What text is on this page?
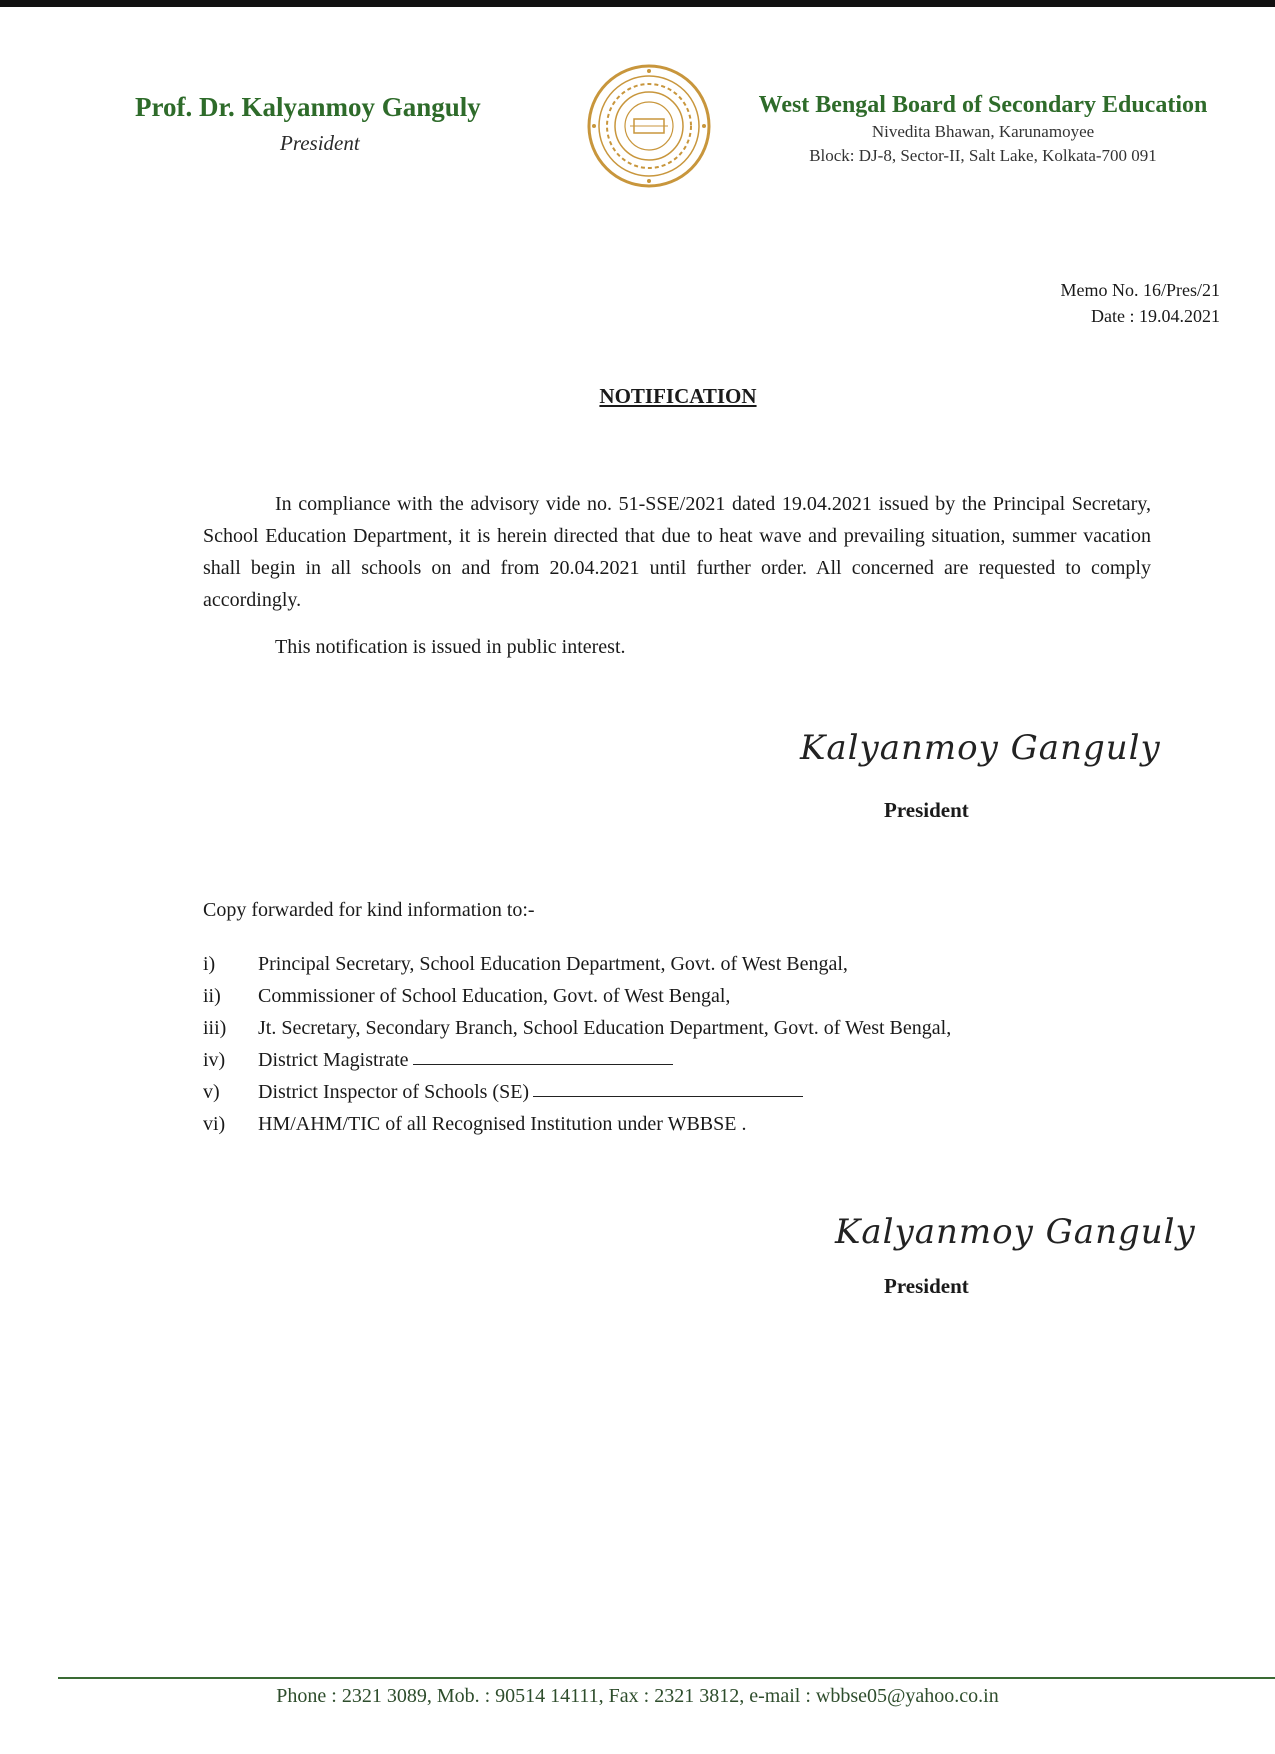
Prof. Dr. Kalyanmoy Ganguly
President
West Bengal Board of Secondary Education
Nivedita Bhawan, Karunamoyee
Block: DJ-8, Sector-II, Salt Lake, Kolkata-700 091
Memo No. 16/Pres/21
Date : 19.04.2021
NOTIFICATION
In compliance with the advisory vide no. 51-SSE/2021 dated 19.04.2021 issued by the Principal Secretary, School Education Department, it is herein directed that due to heat wave and prevailing situation, summer vacation shall begin in all schools on and from 20.04.2021 until further order. All concerned are requested to comply accordingly.
This notification is issued in public interest.
Kalyanmoy Ganguly
President
Copy forwarded for kind information to:-
i)	Principal Secretary, School Education Department, Govt. of West Bengal,
ii)	Commissioner of School Education, Govt. of West Bengal,
iii)	Jt. Secretary, Secondary Branch, School Education Department, Govt. of West Bengal,
iv)	District Magistrate
v)	District Inspector of Schools (SE)
vi)	HM/AHM/TIC of all Recognised Institution under WBBSE .
Kalyanmoy Ganguly
President
Phone : 2321 3089, Mob. : 90514 14111, Fax : 2321 3812, e-mail : wbbse05@yahoo.co.in
